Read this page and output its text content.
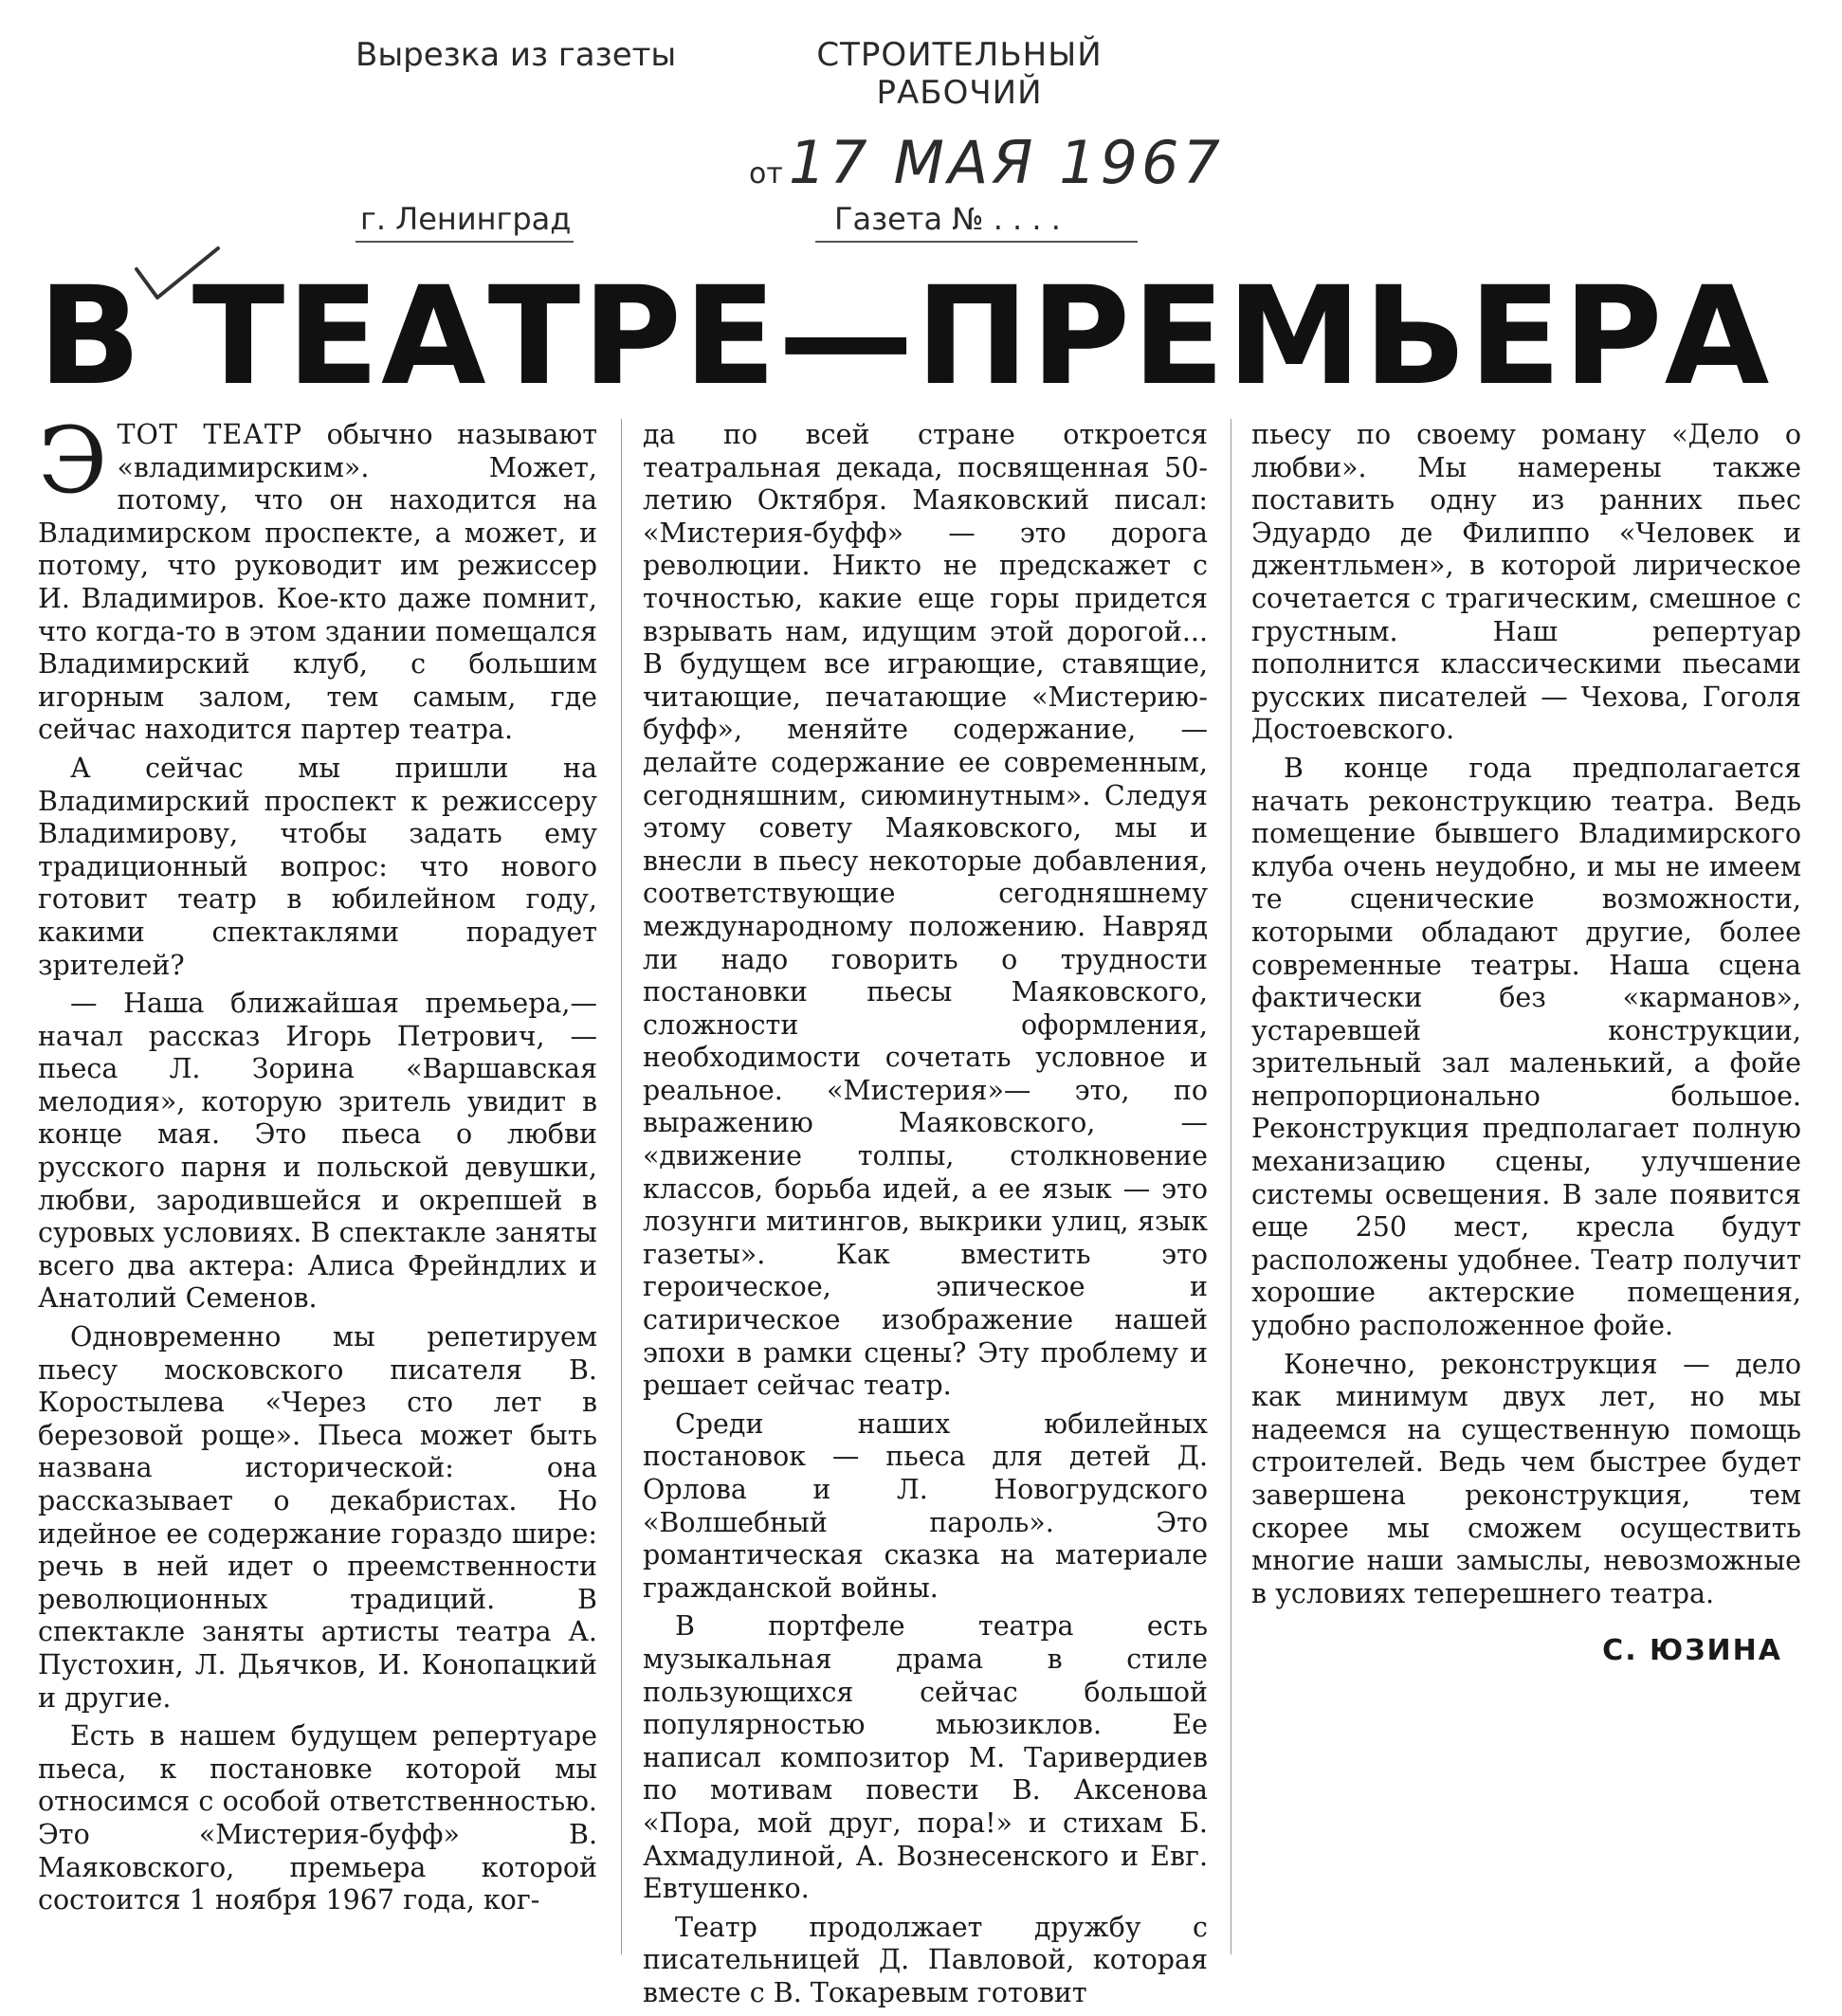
Вырезка из газеты	СТРОИТЕЛЬНЫЙ
РАБОЧИЙ
от 17 МАЯ 1967
г. Ленинград	Газета № . . . .
В ТЕАТРЕ—ПРЕМЬЕРА

ЭТОТ ТЕАТР обычно называют «владимирским». Может, потому, что он находится на Владимирском проспекте, а может, и потому, что руководит им режиссер И. Владимиров. Кое-кто даже помнит, что когда-то в этом здании помещался Владимирский клуб, с большим игорным залом, тем самым, где сейчас находится партер театра.

А сейчас мы пришли на Владимирский проспект к режиссеру Владимирову, чтобы задать ему традиционный вопрос: что нового готовит театр в юбилейном году, какими спектаклями порадует зрителей?

— Наша ближайшая премьера,— начал рассказ Игорь Петрович, — пьеса Л. Зорина «Варшавская мелодия», которую зритель увидит в конце мая. Это пьеса о любви русского парня и польской девушки, любви, зародившейся и окрепшей в суровых условиях. В спектакле заняты всего два актера: Алиса Фрейндлих и Анатолий Семенов.

Одновременно мы репетируем пьесу московского писателя В. Коростылева «Через сто лет в березовой роще». Пьеса может быть названа исторической: она рассказывает о декабристах. Но идейное ее содержание гораздо шире: речь в ней идет о преемственности революционных традиций. В спектакле заняты артисты театра А. Пустохин, Л. Дьячков, И. Конопацкий и другие.

Есть в нашем будущем репертуаре пьеса, к постановке которой мы относимся с особой ответственностью. Это «Мистерия-буфф» В. Маяковского, премьера которой состоится 1 ноября 1967 года, ког-

да по всей стране откроется театральная декада, посвященная 50-летию Октября. Маяковский писал: «Мистерия-буфф» — это дорога революции. Никто не предскажет с точностью, какие еще горы придется взрывать нам, идущим этой дорогой... В будущем все играющие, ставящие, читающие, печатающие «Мистерию-буфф», меняйте содержание, — делайте содержание ее современным, сегодняшним, сиюминутным». Следуя этому совету Маяковского, мы и внесли в пьесу некоторые добавления, соответствующие сегодняшнему международному положению. Навряд ли надо говорить о трудности постановки пьесы Маяковского, сложности оформления, необходимости сочетать условное и реальное. «Мистерия»— это, по выражению Маяковского, — «движение толпы, столкновение классов, борьба идей, а ее язык — это лозунги митингов, выкрики улиц, язык газеты». Как вместить это героическое, эпическое и сатирическое изображение нашей эпохи в рамки сцены? Эту проблему и решает сейчас театр.

Среди наших юбилейных постановок — пьеса для детей Д. Орлова и Л. Новогрудского «Волшебный пароль». Это романтическая сказка на материале гражданской войны.

В портфеле театра есть музыкальная драма в стиле пользующихся сейчас большой популярностью мьюзиклов. Ее написал композитор М. Таривердиев по мотивам повести В. Аксенова «Пора, мой друг, пора!» и стихам Б. Ахмадулиной, А. Вознесенского и Евг. Евтушенко.

Театр продолжает дружбу с писательницей Д. Павловой, которая вместе с В. Токаревым готовит

пьесу по своему роману «Дело о любви». Мы намерены также поставить одну из ранних пьес Эдуардо де Филиппо «Человек и джентльмен», в которой лирическое сочетается с трагическим, смешное с грустным. Наш репертуар пополнится классическими пьесами русских писателей — Чехова, Гоголя Достоевского.

В конце года предполагается начать реконструкцию театра. Ведь помещение бывшего Владимирского клуба очень неудобно, и мы не имеем те сценические возможности, которыми обладают другие, более современные театры. Наша сцена фактически без «карманов», устаревшей конструкции, зрительный зал маленький, а фойе непропорционально большое. Реконструкция предполагает полную механизацию сцены, улучшение системы освещения. В зале появится еще 250 мест, кресла будут расположены удобнее. Театр получит хорошие актерские помещения, удобно расположенное фойе.

Конечно, реконструкция — дело как минимум двух лет, но мы надеемся на существенную помощь строителей. Ведь чем быстрее будет завершена реконструкция, тем скорее мы сможем осуществить многие наши замыслы, невозможные в условиях теперешнего театра.

С. ЮЗИНА
